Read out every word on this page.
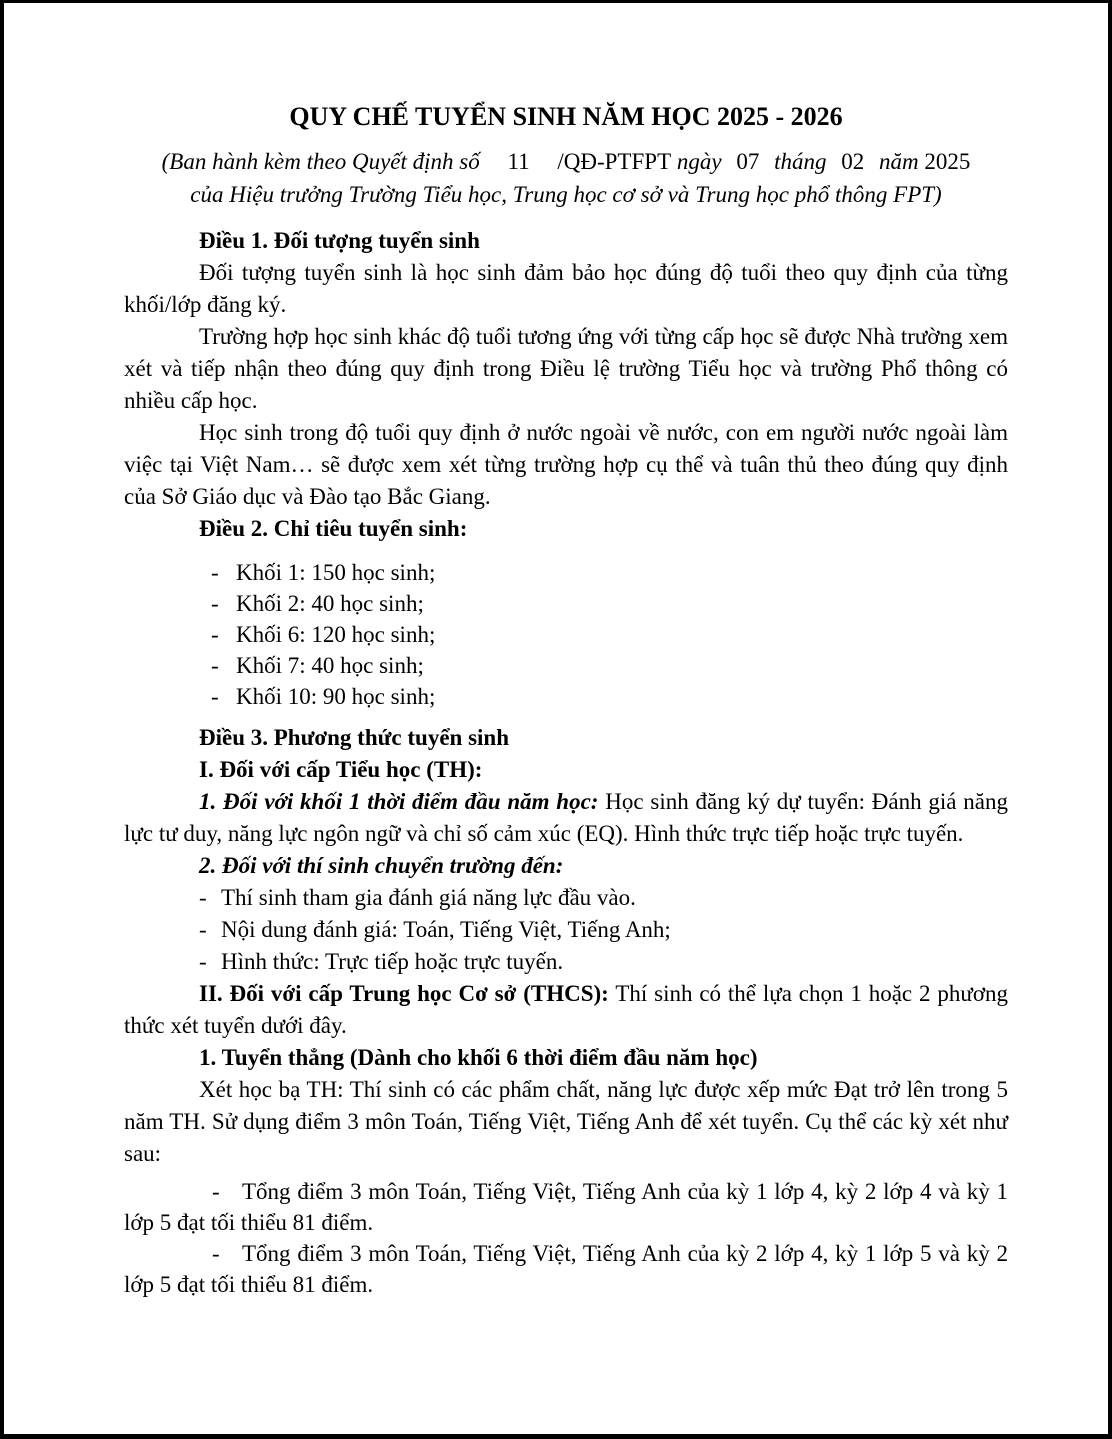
QUY CHẾ TUYỂN SINH NĂM HỌC 2025 - 2026
(Ban hành kèm theo Quyết định số 11 /QĐ-PTFPT ngày 07 tháng 02 năm 2025
của Hiệu trưởng Trường Tiểu học, Trung học cơ sở và Trung học phổ thông FPT)

Điều 1. Đối tượng tuyển sinh

Đối tượng tuyển sinh là học sinh đảm bảo học đúng độ tuổi theo quy định của từng khối/lớp đăng ký.

Trường hợp học sinh khác độ tuổi tương ứng với từng cấp học sẽ được Nhà trường xem xét và tiếp nhận theo đúng quy định trong Điều lệ trường Tiểu học và trường Phổ thông có nhiều cấp học.

Học sinh trong độ tuổi quy định ở nước ngoài về nước, con em người nước ngoài làm việc tại Việt Nam… sẽ được xem xét từng trường hợp cụ thể và tuân thủ theo đúng quy định của Sở Giáo dục và Đào tạo Bắc Giang.

Điều 2. Chỉ tiêu tuyển sinh:

- Khối 1: 150 học sinh;

- Khối 2: 40 học sinh;

- Khối 6: 120 học sinh;

- Khối 7: 40 học sinh;

- Khối 10: 90 học sinh;

Điều 3. Phương thức tuyển sinh

I. Đối với cấp Tiểu học (TH):

1. Đối với khối 1 thời điểm đầu năm học: Học sinh đăng ký dự tuyển: Đánh giá năng lực tư duy, năng lực ngôn ngữ và chỉ số cảm xúc (EQ). Hình thức trực tiếp hoặc trực tuyến.

2. Đối với thí sinh chuyển trường đến:

- Thí sinh tham gia đánh giá năng lực đầu vào.

- Nội dung đánh giá: Toán, Tiếng Việt, Tiếng Anh;

- Hình thức: Trực tiếp hoặc trực tuyến.

II. Đối với cấp Trung học Cơ sở (THCS): Thí sinh có thể lựa chọn 1 hoặc 2 phương thức xét tuyển dưới đây.

1. Tuyển thẳng (Dành cho khối 6 thời điểm đầu năm học)

Xét học bạ TH: Thí sinh có các phẩm chất, năng lực được xếp mức Đạt trở lên trong 5 năm TH. Sử dụng điểm 3 môn Toán, Tiếng Việt, Tiếng Anh để xét tuyển. Cụ thể các kỳ xét như sau:

- Tổng điểm 3 môn Toán, Tiếng Việt, Tiếng Anh của kỳ 1 lớp 4, kỳ 2 lớp 4 và kỳ 1 lớp 5 đạt tối thiểu 81 điểm.

- Tổng điểm 3 môn Toán, Tiếng Việt, Tiếng Anh của kỳ 2 lớp 4, kỳ 1 lớp 5 và kỳ 2 lớp 5 đạt tối thiểu 81 điểm.
